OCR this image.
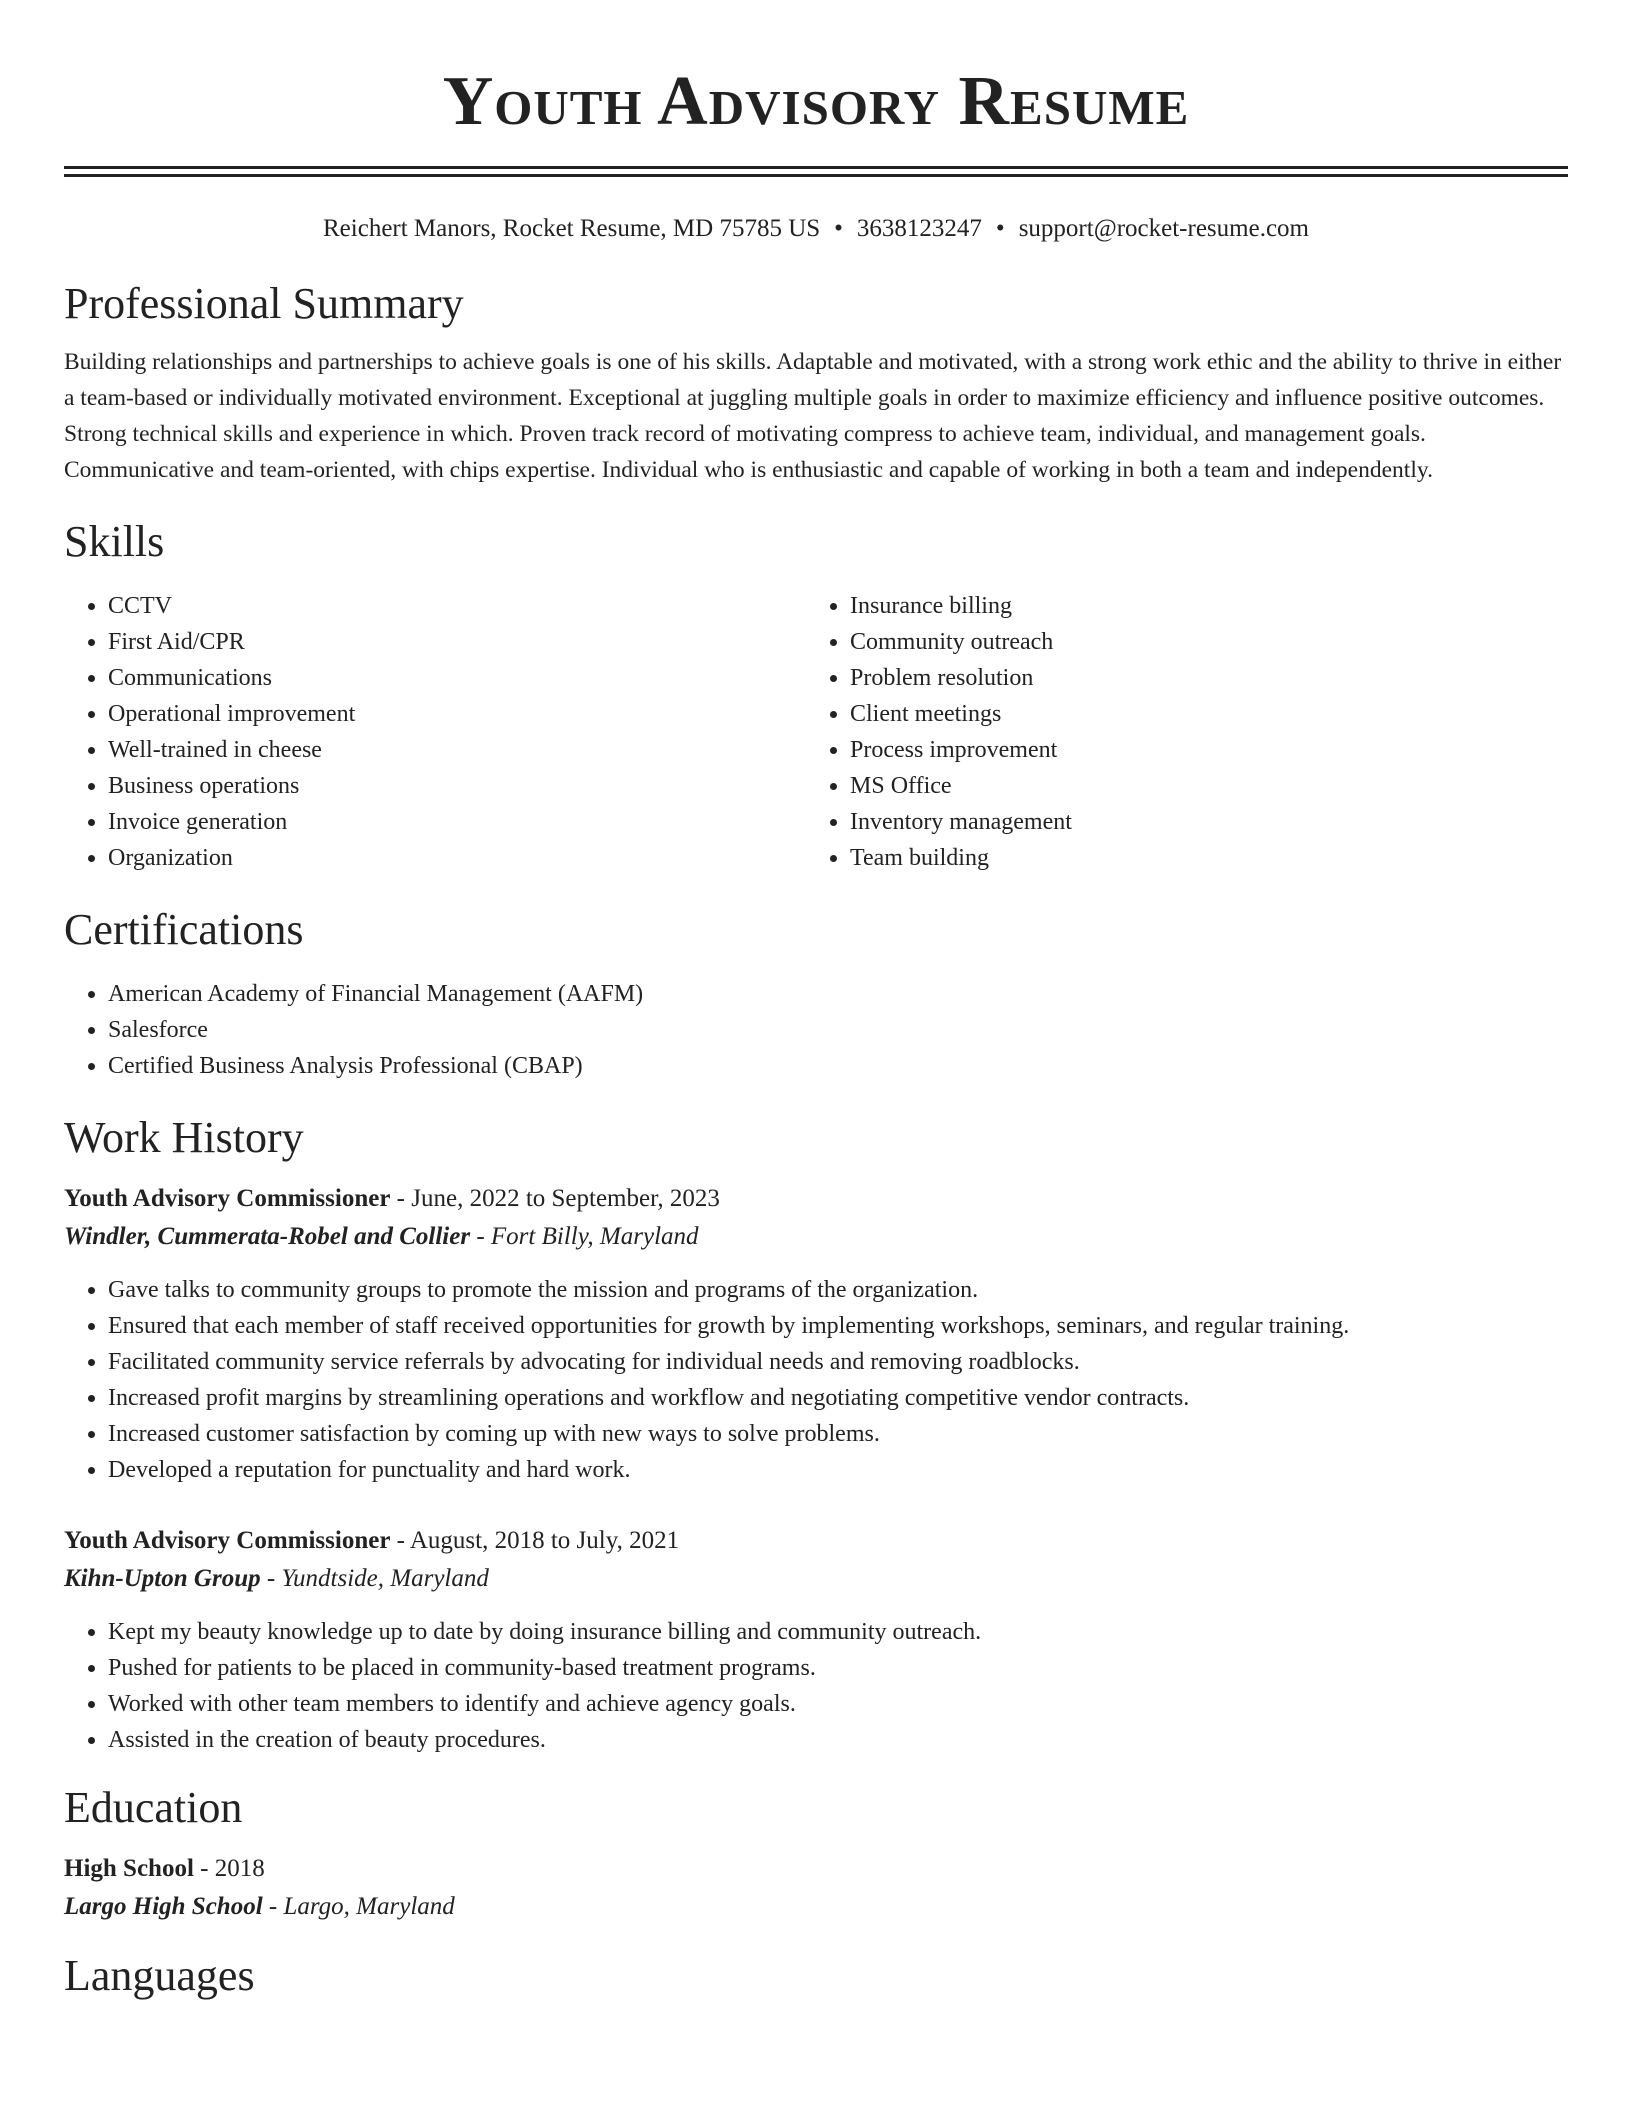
Youth Advisory Resume
Reichert Manors, Rocket Resume, MD 75785 US • 3638123247 • support@rocket-resume.com
Professional Summary

Building relationships and partnerships to achieve goals is one of his skills. Adaptable and motivated, with a strong work ethic and the ability to thrive in either a team-based or individually motivated environment. Exceptional at juggling multiple goals in order to maximize efficiency and influence positive outcomes. Strong technical skills and experience in which. Proven track record of motivating compress to achieve team, individual, and management goals. Communicative and team-oriented, with chips expertise. Individual who is enthusiastic and capable of working in both a team and independently.

Skills
• CCTV
• First Aid/CPR
• Communications
• Operational improvement
• Well-trained in cheese
• Business operations
• Invoice generation
• Organization
• Insurance billing
• Community outreach
• Problem resolution
• Client meetings
• Process improvement
• MS Office
• Inventory management
• Team building
Certifications
• American Academy of Financial Management (AAFM)
• Salesforce
• Certified Business Analysis Professional (CBAP)
Work History
Youth Advisory Commissioner - June, 2022 to September, 2023
Windler, Cummerata-Robel and Collier - Fort Billy, Maryland
• Gave talks to community groups to promote the mission and programs of the organization.
• Ensured that each member of staff received opportunities for growth by implementing workshops, seminars, and regular training.
• Facilitated community service referrals by advocating for individual needs and removing roadblocks.
• Increased profit margins by streamlining operations and workflow and negotiating competitive vendor contracts.
• Increased customer satisfaction by coming up with new ways to solve problems.
• Developed a reputation for punctuality and hard work.
Youth Advisory Commissioner - August, 2018 to July, 2021
Kihn-Upton Group - Yundtside, Maryland
• Kept my beauty knowledge up to date by doing insurance billing and community outreach.
• Pushed for patients to be placed in community-based treatment programs.
• Worked with other team members to identify and achieve agency goals.
• Assisted in the creation of beauty procedures.
Education
High School - 2018
Largo High School - Largo, Maryland
Languages
